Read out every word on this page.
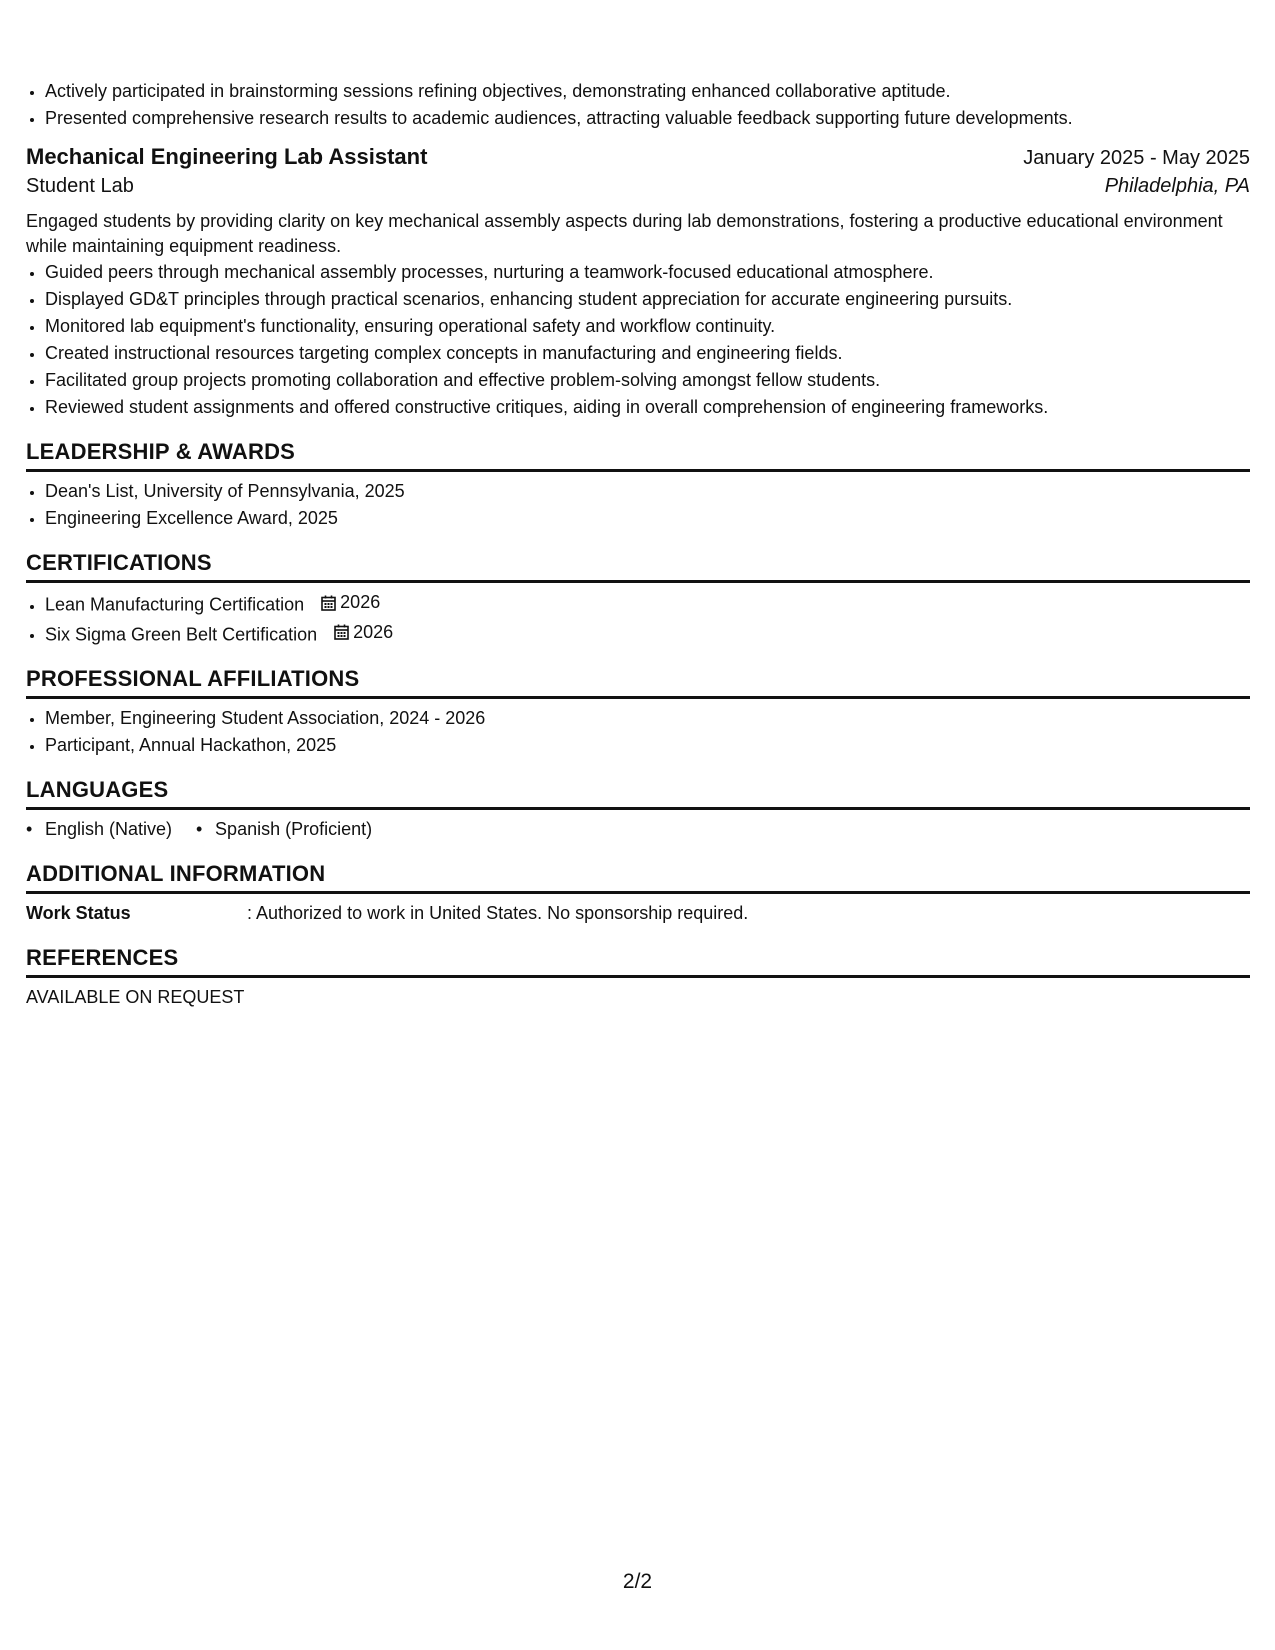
• Actively participated in brainstorming sessions refining objectives, demonstrating enhanced collaborative aptitude.
• Presented comprehensive research results to academic audiences, attracting valuable feedback supporting future developments.
Mechanical Engineering Lab Assistant	January 2025 - May 2025
Student Lab	Philadelphia, PA
Engaged students by providing clarity on key mechanical assembly aspects during lab demonstrations, fostering a productive educational environment while maintaining equipment readiness.
• Guided peers through mechanical assembly processes, nurturing a teamwork-focused educational atmosphere.
• Displayed GD&T principles through practical scenarios, enhancing student appreciation for accurate engineering pursuits.
• Monitored lab equipment's functionality, ensuring operational safety and workflow continuity.
• Created instructional resources targeting complex concepts in manufacturing and engineering fields.
• Facilitated group projects promoting collaboration and effective problem-solving amongst fellow students.
• Reviewed student assignments and offered constructive critiques, aiding in overall comprehension of engineering frameworks.
LEADERSHIP & AWARDS
• Dean's List, University of Pennsylvania, 2025
• Engineering Excellence Award, 2025
CERTIFICATIONS
• Lean Manufacturing Certification 2026
• Six Sigma Green Belt Certification 2026
PROFESSIONAL AFFILIATIONS
• Member, Engineering Student Association, 2024 - 2026
• Participant, Annual Hackathon, 2025
LANGUAGES
• English (Native)
•	Spanish (Proficient)
ADDITIONAL INFORMATION
Work Status	: Authorized to work in United States. No sponsorship required.
REFERENCES
AVAILABLE ON REQUEST
2/2
